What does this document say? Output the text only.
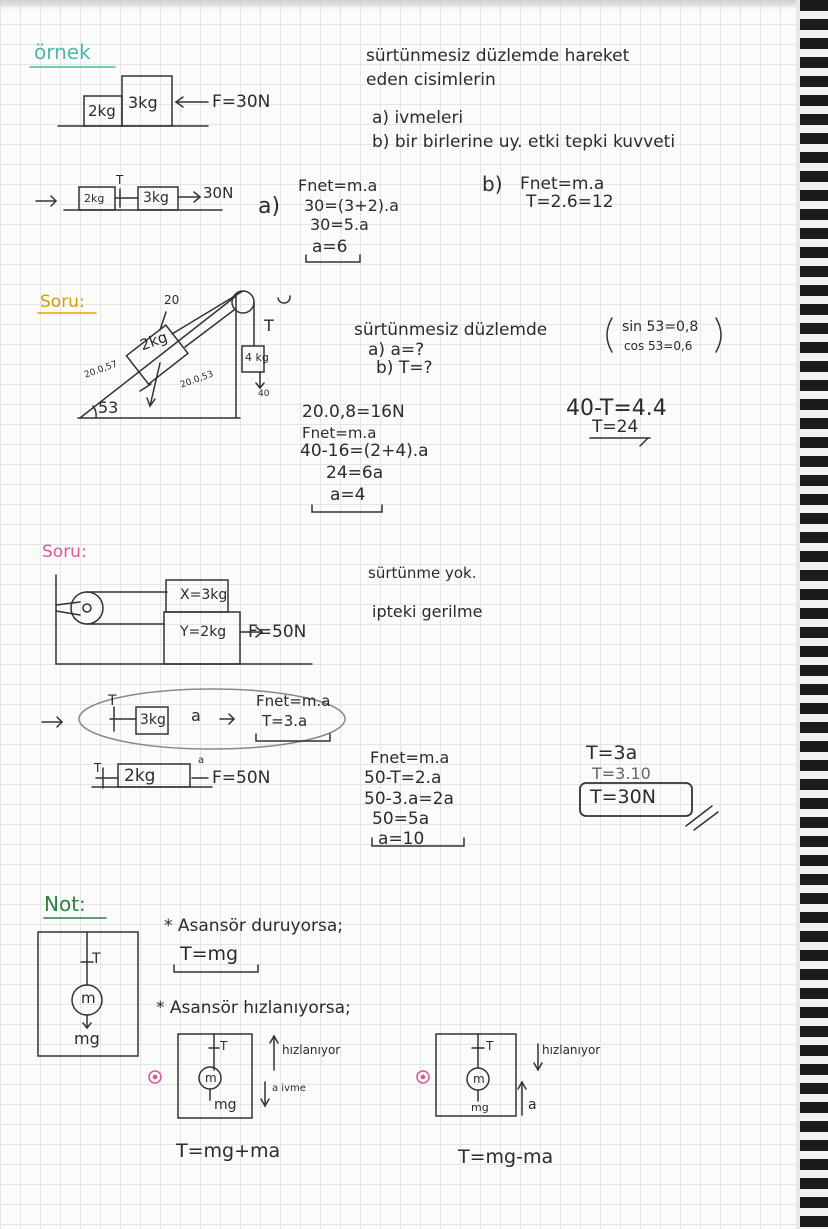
örnek	sürtünmesiz düzlemde hareket
eden cisimlerin
a) ivmeleri
b) bir birlerine uy. etki tepki kuvveti
2kg 3kg	F=30N
2kg
T
3kg 30N
a)
Fnet=m.a
30=(3+2).a
30=5.a
a=6
b) Fnet=m.a
T=2.6=12
Soru:
2kg
4 kg
T
53
20
40
20.0,57	20.0,53
sürtünmesiz düzlemde	sin 53=0,8
cos 53=0,6
a) a=?
b) T=?
20.0,8=16N
Fnet=m.a
40-16=(2+4).a
24=6a
a=4
40-T=4.4
T=24
Soru:
X=3kg
Y=2kg F=50N
sürtünme yok.
ipteki gerilme
T
3kg a
Fnet=m.a
T=3.a
T 2kg
a
F=50N
Fnet=m.a
50-T=2.a
50-3.a=2a
50=5a
a=10
T=3a
T=3.10
T=30N
Not:
T
m
mg
* Asansör duruyorsa;
T=mg
* Asansör hızlanıyorsa;
T
m
mg
hızlanıyor
a ivme
T=mg+ma
T
m
mg
hızlanıyor
a
T=mg-ma
